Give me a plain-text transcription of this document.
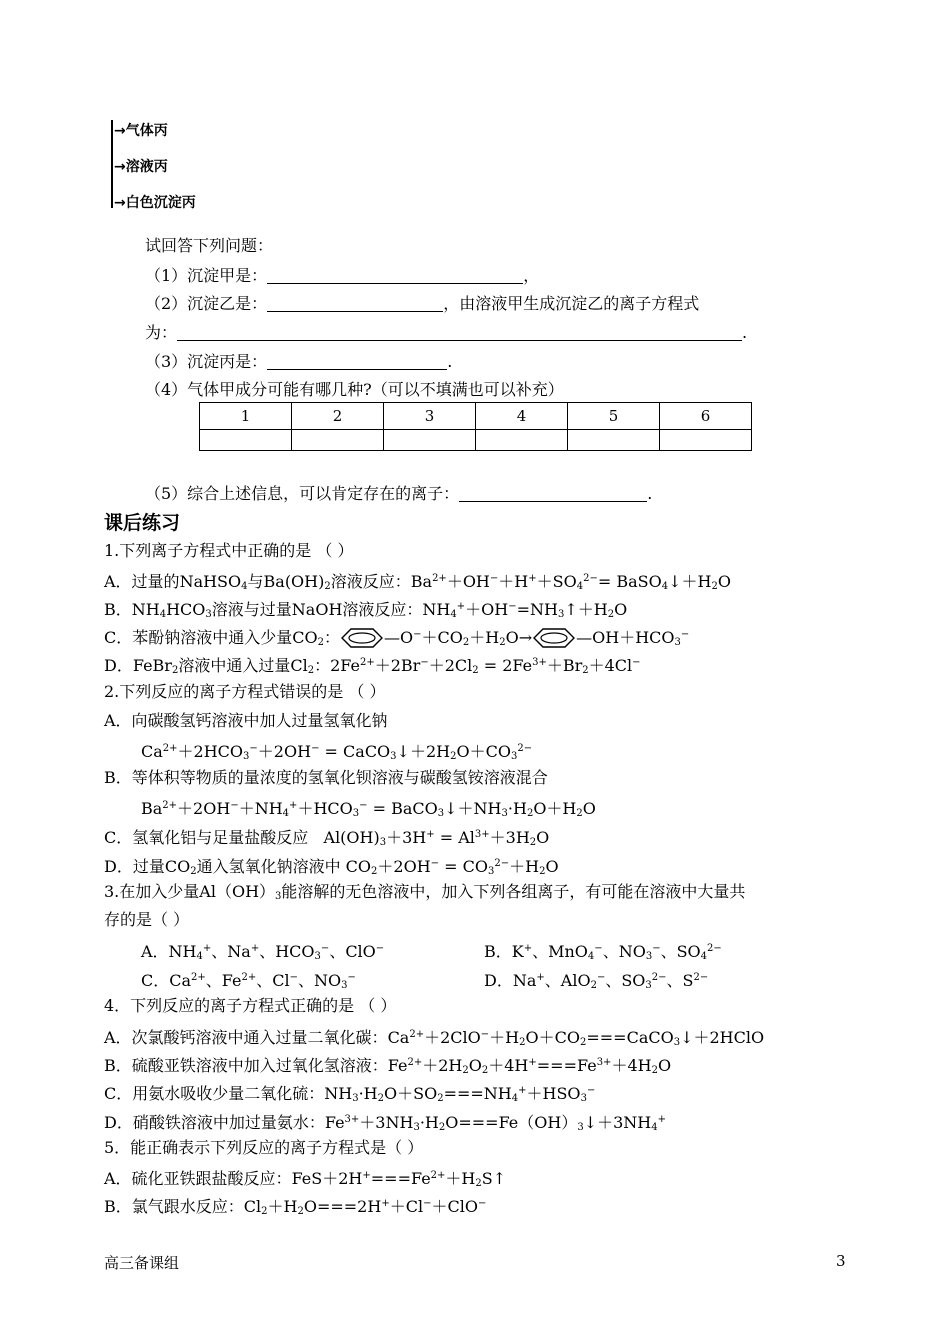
→气体丙
→溶液丙
→白色沉淀丙
试回答下列问题：
（1）沉淀甲是：	，
（2）沉淀乙是：	，由溶液甲生成沉淀乙的离子方程式
为：	.
（3）沉淀丙是：	.
（4）气体甲成分可能有哪几种?（可以不填满也可以补充）
1	2	3	4	5	6

（5）综合上述信息，可以肯定存在的离子：	.
课后练习
1.下列离子方程式中正确的是 （ ）
A．过量的NaHSO$_4$与$Ba(OH)_2$溶液反应：$Ba^{2+}+OH^-+H^++SO_4^{2-}=$ $BaSO_4↓+H_2O$
B．$NH_4HCO_3$溶液与过量NaOH溶液反应：$NH_4^++OH^-=NH_3↑+H_2O$
C．苯酚钠溶液中通入少量$CO_2$：	$—O^-+CO_2+H_2O\to$	$—OH+HCO_3^-$
D．FeBr$_2$溶液中通入过量$Cl_2$：$2Fe^{2+}+2Br^-+2Cl_2 = 2Fe^{3+}+Br_2+4Cl^-$
2.下列反应的离子方程式错误的是 （ ）
A．向碳酸氢钙溶液中加人过量氢氧化钠
$Ca^{2+}+2HCO_3^-+2OH^-$ = $CaCO_3↓+2H_2O+CO_3^{2-}$
B．等体积等物质的量浓度的氢氧化钡溶液与碳酸氢铵溶液混合
$Ba^{2+}+2OH^-+NH_4^++HCO_3^-$ = $BaCO_3↓+NH_3\cdot H_2O+H_2O$
C．氢氧化铝与足量盐酸反应   $Al(OH)_3+3H^+ = Al^{3+}+3H_2O$
D．过量$CO_2$通入氢氧化钠溶液中 $CO_2+2OH^- = CO_3^{2-}+H_2O$
3.在加入少量$Al(OH)_3$能溶解的无色溶液中，加入下列各组离子，有可能在溶液中大量共
存的是（ ）
A．$NH_4^+$、Na+、$HCO_3^-$、ClO−	B．K+、MnO$_4$−、$NO_3^-$、$SO_4^{2-}$
C．$Ca^{2+}$、$Fe^{2+}$、Cl−、$NO_3^-$	D．Na+、AlO$_2$−、$SO_3^{2-}$、$S^{2-}$
4．下列反应的离子方程式正确的是 （ ）
A．次氯酸钙溶液中通入过量二氧化碳：$Ca^{2+}+2ClO^-+H_2O+CO_2===CaCO_3↓+2HClO$
B．硫酸亚铁溶液中加入过氧化氢溶液：$Fe^{2+}+2H_2O_2+4H^+===Fe^{3+}+4H_2O$
C．用氨水吸收少量二氧化硫：$NH_3\cdot H_2O+SO_2===NH_4^++HSO_3^-$
D．硝酸铁溶液中加过量氨水：$Fe^{3+}+3NH_3\cdot H_2O===Fe(OH)_3↓+3NH_4^+$
5．能正确表示下列反应的离子方程式是（ ）
A．硫化亚铁跟盐酸反应：$FeS+2H^+===Fe^{2+}+H_2S↑$
B．氯气跟水反应：$Cl_2+H_2O===2H^++Cl^-+ClO^-$
高三备课组	3
